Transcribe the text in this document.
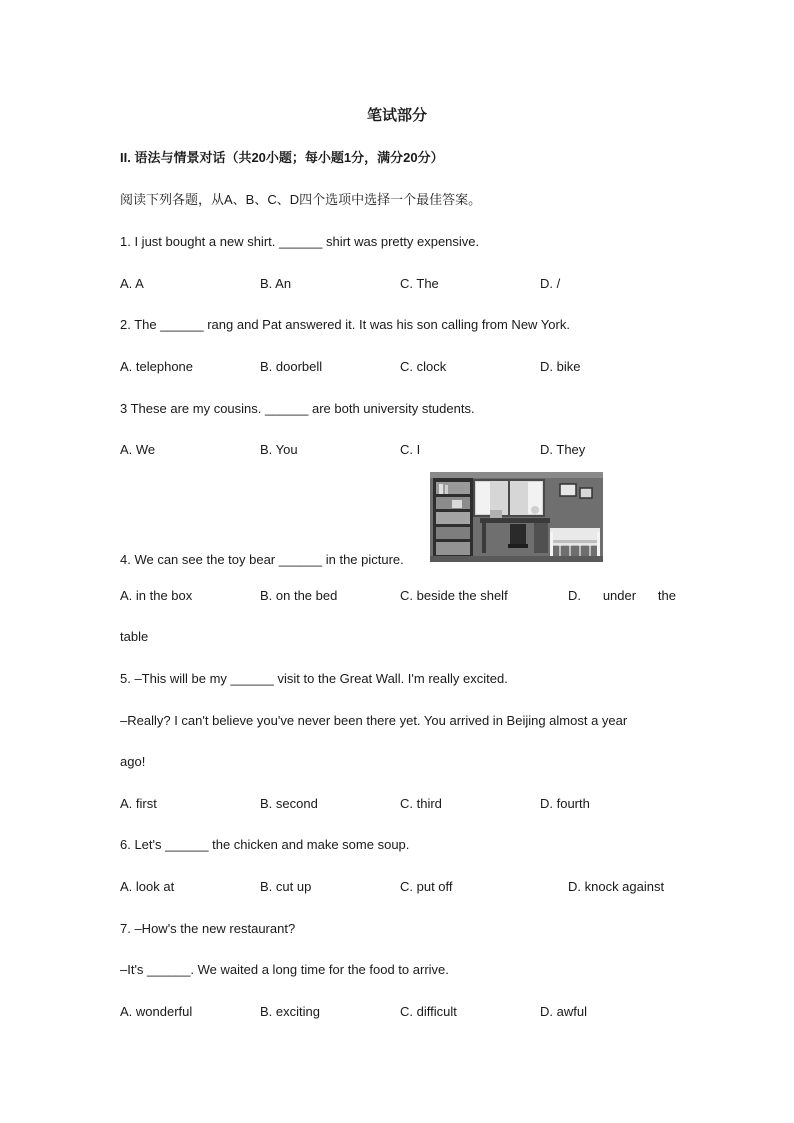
笔试部分
II. 语法与情景对话（共20小题；每小题1分，满分20分）
阅读下列各题，从A、B、C、D四个选项中选择一个最佳答案。
1. I just bought a new shirt. ______ shirt was pretty expensive.
A. A	B. An	C. The	D. /
2. The ______ rang and Pat answered it. It was his son calling from New York.
A. telephone	B. doorbell	C. clock	D. bike
3 These are my cousins. ______ are both university students.
A. We	B. You	C. I	D. They
4. We can see the toy bear ______ in the picture.
A. in the box	B. on the bed	C. beside the shelf	D. under the
table
5. –This will be my ______ visit to the Great Wall. I'm really excited.
–Really? I can't believe you've never been there yet. You arrived in Beijing almost a year
ago!
A. first	B. second	C. third	D. fourth
6. Let's ______ the chicken and make some soup.
A. look at	B. cut up	C. put off	D. knock against
7. –How's the new restaurant?
–It's ______. We waited a long time for the food to arrive.
A. wonderful	B. exciting	C. difficult	D. awful
